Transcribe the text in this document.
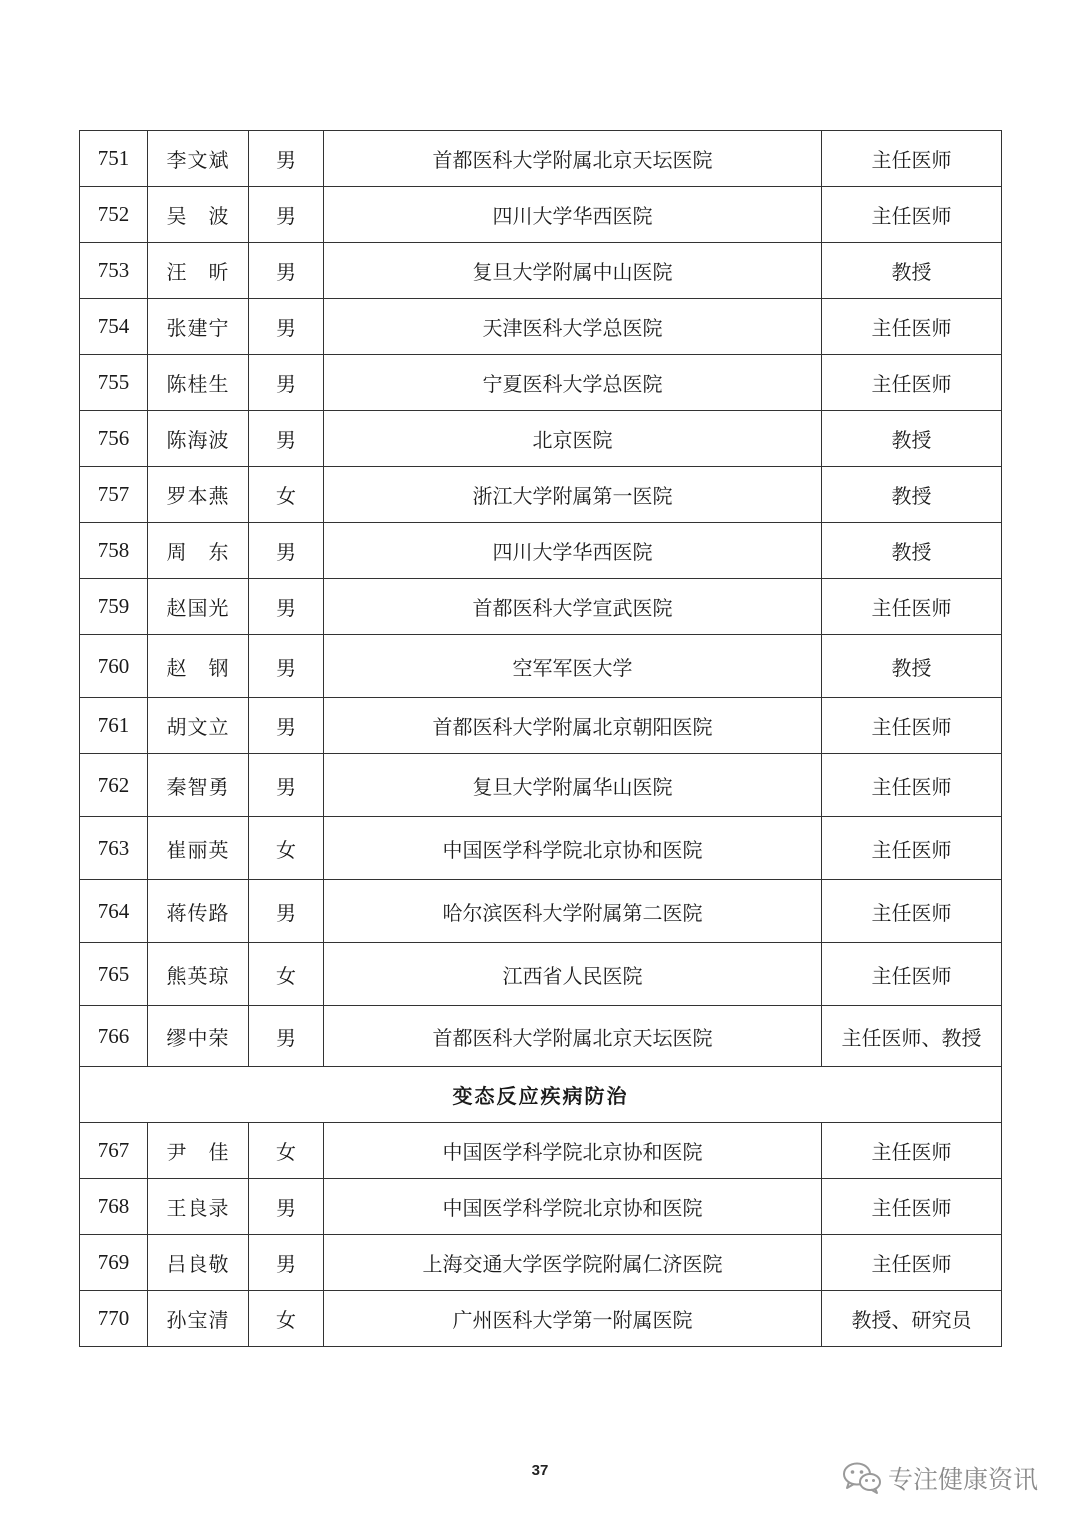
751	李文斌	男	首都医科大学附属北京天坛医院	主任医师
752	吴　波	男	四川大学华西医院	主任医师
753	汪　昕	男	复旦大学附属中山医院	教授
754	张建宁	男	天津医科大学总医院	主任医师
755	陈桂生	男	宁夏医科大学总医院	主任医师
756	陈海波	男	北京医院	教授
757	罗本燕	女	浙江大学附属第一医院	教授
758	周　东	男	四川大学华西医院	教授
759	赵国光	男	首都医科大学宣武医院	主任医师
760	赵　钢	男	空军军医大学	教授
761	胡文立	男	首都医科大学附属北京朝阳医院	主任医师
762	秦智勇	男	复旦大学附属华山医院	主任医师
763	崔丽英	女	中国医学科学院北京协和医院	主任医师
764	蒋传路	男	哈尔滨医科大学附属第二医院	主任医师
765	熊英琼	女	江西省人民医院	主任医师
766	缪中荣	男	首都医科大学附属北京天坛医院	主任医师、教授
变态反应疾病防治				
767	尹　佳	女	中国医学科学院北京协和医院	主任医师
768	王良录	男	中国医学科学院北京协和医院	主任医师
769	吕良敬	男	上海交通大学医学院附属仁济医院	主任医师
770	孙宝清	女	广州医科大学第一附属医院	教授、研究员
37	专注健康资讯
